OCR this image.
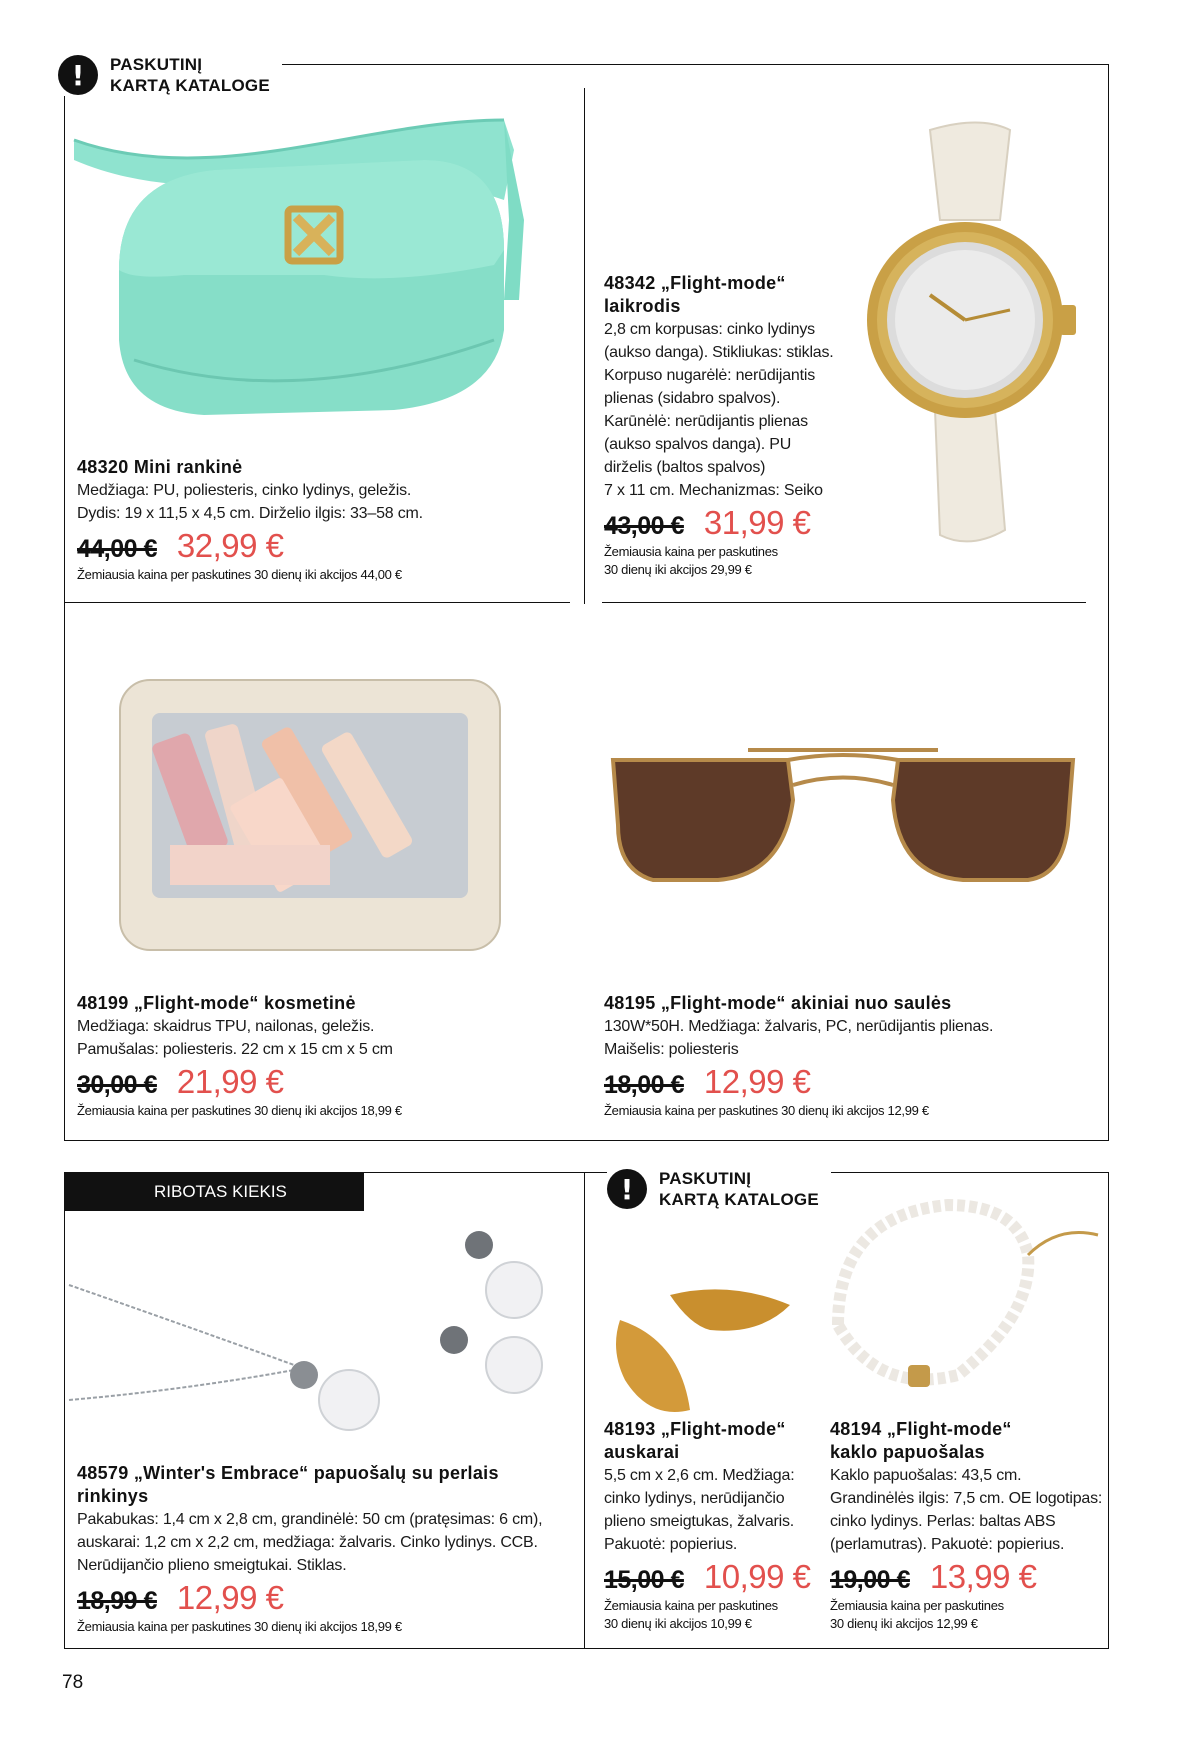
!	PASKUTINĮ
KARTĄ KATALOGE
!	PASKUTINĮ
KARTĄ KATALOGE
RIBOTAS KIEKIS
48320 Mini rankinė
Medžiaga: PU, poliesteris, cinko lydinys, geležis.
Dydis: 19 x 11,5 x 4,5 cm. Dirželio ilgis: 33–58 cm.
44,00 € 32,99 €
Žemiausia kaina per paskutines 30 dienų iki akcijos 44,00 €
48342 „Flight-mode“
laikrodis
2,8 cm korpusas: cinko lydinys
(aukso danga). Stikliukas: stiklas.
Korpuso nugarėlė: nerūdijantis
plienas (sidabro spalvos).
Karūnėlė: nerūdijantis plienas
(aukso spalvos danga). PU
dirželis (baltos spalvos)
7 x 11 cm. Mechanizmas: Seiko
43,00 € 31,99 €
Žemiausia kaina per paskutines
30 dienų iki akcijos 29,99 €
48199 „Flight-mode“ kosmetinė
Medžiaga: skaidrus TPU, nailonas, geležis.
Pamušalas: poliesteris. 22 cm x 15 cm x 5 cm
30,00 € 21,99 €
Žemiausia kaina per paskutines 30 dienų iki akcijos 18,99 €
48195 „Flight-mode“ akiniai nuo saulės
130W*50H. Medžiaga: žalvaris, PC, nerūdijantis plienas.
Maišelis: poliesteris
18,00 € 12,99 €
Žemiausia kaina per paskutines 30 dienų iki akcijos 12,99 €
48579 „Winter's Embrace“ papuošalų su perlais
rinkinys
Pakabukas: 1,4 cm x 2,8 cm, grandinėlė: 50 cm (pratęsimas: 6 cm),
auskarai: 1,2 cm x 2,2 cm, medžiaga: žalvaris. Cinko lydinys. CCB.
Nerūdijančio plieno smeigtukai. Stiklas.
18,99 € 12,99 €
Žemiausia kaina per paskutines 30 dienų iki akcijos 18,99 €
48193 „Flight-mode“
auskarai
5,5 cm x 2,6 cm. Medžiaga:
cinko lydinys, nerūdijančio
plieno smeigtukas, žalvaris.
Pakuotė: popierius.
15,00 € 10,99 €
Žemiausia kaina per paskutines
30 dienų iki akcijos 10,99 €
48194 „Flight-mode“
kaklo papuošalas
Kaklo papuošalas: 43,5 cm.
Grandinėlės ilgis: 7,5 cm. OE logotipas:
cinko lydinys. Perlas: baltas ABS
(perlamutras). Pakuotė: popierius.
19,00 € 13,99 €
Žemiausia kaina per paskutines
30 dienų iki akcijos 12,99 €
78
